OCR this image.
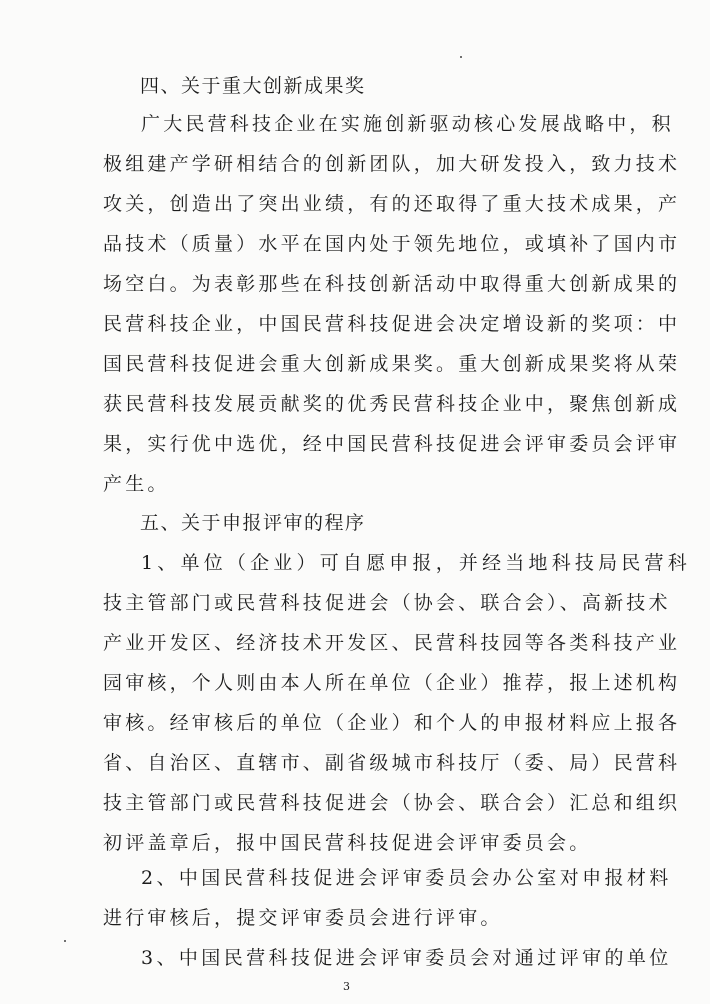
四、关于重大创新成果奖
广大民营科技企业在实施创新驱动核心发展战略中，积
极组建产学研相结合的创新团队，加大研发投入，致力技术
攻关，创造出了突出业绩，有的还取得了重大技术成果，产
品技术（质量）水平在国内处于领先地位，或填补了国内市
场空白。为表彰那些在科技创新活动中取得重大创新成果的
民营科技企业，中国民营科技促进会决定增设新的奖项：中
国民营科技促进会重大创新成果奖。重大创新成果奖将从荣
获民营科技发展贡献奖的优秀民营科技企业中，聚焦创新成
果，实行优中选优，经中国民营科技促进会评审委员会评审
产生。
五、关于申报评审的程序
1、单位（企业）可自愿申报，并经当地科技局民营科
技主管部门或民营科技促进会（协会、联合会）、高新技术
产业开发区、经济技术开发区、民营科技园等各类科技产业
园审核，个人则由本人所在单位（企业）推荐，报上述机构
审核。经审核后的单位（企业）和个人的申报材料应上报各
省、自治区、直辖市、副省级城市科技厅（委、局）民营科
技主管部门或民营科技促进会（协会、联合会）汇总和组织
初评盖章后，报中国民营科技促进会评审委员会。
2、中国民营科技促进会评审委员会办公室对申报材料
3
进行审核后，提交评审委员会进行评审。
3、中国民营科技促进会评审委员会对通过评审的单位
